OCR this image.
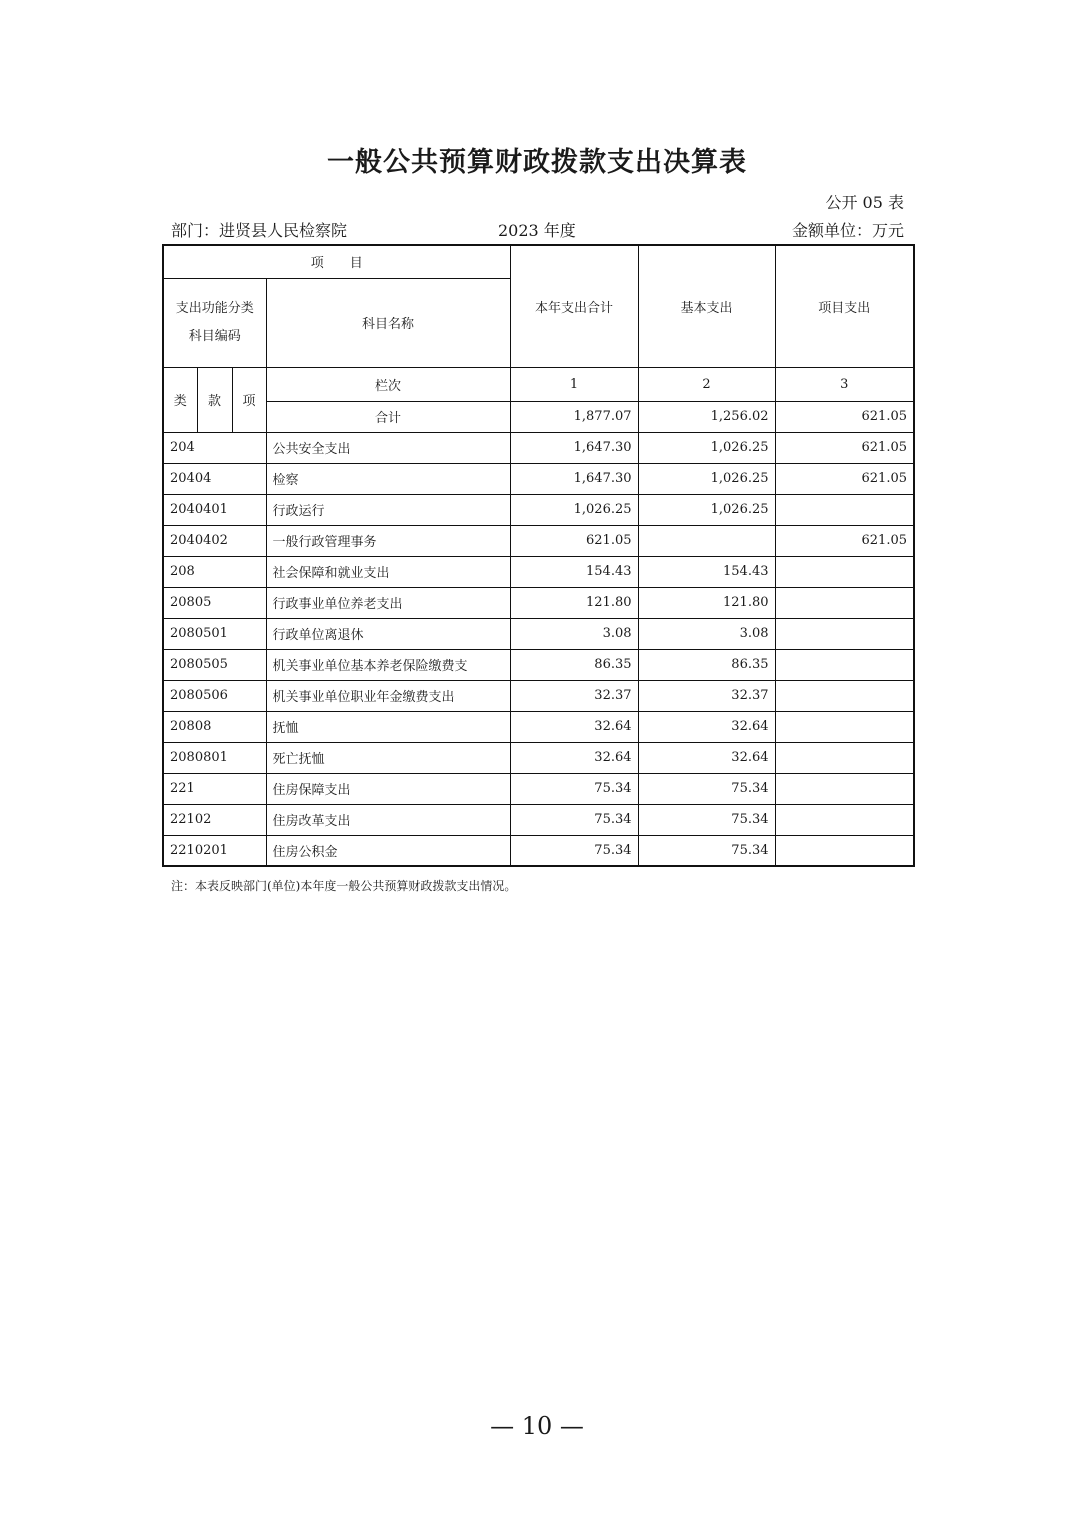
一般公共预算财政拨款支出决算表
公开 05 表
部门：进贤县人民检察院	2023 年度	金额单位：万元
项　　目				本年支出合计	基本支出	项目支出
支出功能分类科目编码			科目名称			
类	款	项	栏次	1	2	3
			合计	1,877.07	1,256.02	621.05
204			公共安全支出	1,647.30	1,026.25	621.05
20404			检察	1,647.30	1,026.25	621.05
2040401			行政运行	1,026.25	1,026.25	
2040402			一般行政管理事务	621.05		621.05
208			社会保障和就业支出	154.43	154.43	
20805			行政事业单位养老支出	121.80	121.80	
2080501			行政单位离退休	3.08	3.08	
2080505			机关事业单位基本养老保险缴费支	86.35	86.35	
2080506			机关事业单位职业年金缴费支出	32.37	32.37	
20808			抚恤	32.64	32.64	
2080801			死亡抚恤	32.64	32.64	
221			住房保障支出	75.34	75.34	
22102			住房改革支出	75.34	75.34	
2210201			住房公积金	75.34	75.34	
注：本表反映部门(单位)本年度一般公共预算财政拨款支出情况。
— 10 —
